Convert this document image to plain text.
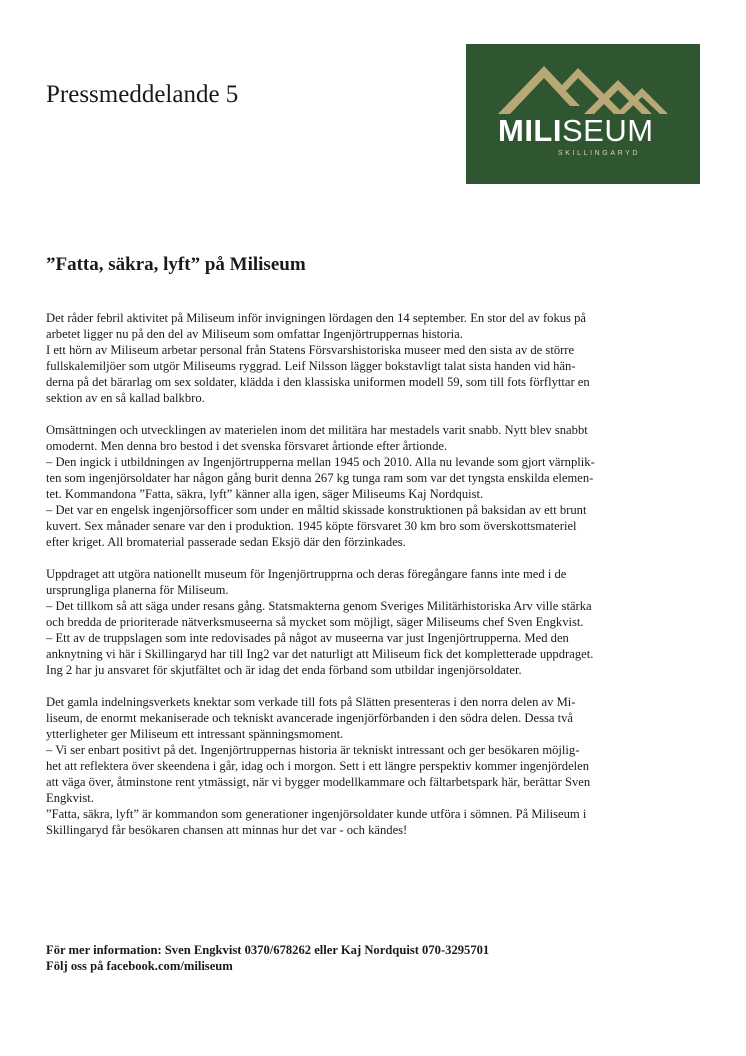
Pressmeddelande 5
MILISEUM
SKILLINGARYD
”Fatta, säkra, lyft” på Miliseum

Det råder febril aktivitet på Miliseum inför invigningen lördagen den 14 september. En stor del av fokus på
arbetet ligger nu på den del av Miliseum som omfattar Ingenjörtruppernas historia.
I ett hörn av Miliseum arbetar personal från Statens Försvarshistoriska museer med den sista av de större
fullskalemiljöer som utgör Miliseums ryggrad. Leif Nilsson lägger bokstavligt talat sista handen vid hän-
derna på det bärarlag om sex soldater, klädda i den klassiska uniformen modell 59, som till fots förflyttar en
sektion av en så kallad balkbro.

Omsättningen och utvecklingen av materielen inom det militära har mestadels varit snabb. Nytt blev snabbt
omodernt. Men denna bro bestod i det svenska försvaret årtionde efter årtionde.
– Den ingick i utbildningen av Ingenjörtrupperna mellan 1945 och 2010. Alla nu levande som gjort värnplik-
ten som ingenjörsoldater har någon gång burit denna 267 kg tunga ram som var det tyngsta enskilda elemen-
tet. Kommandona ”Fatta, säkra, lyft” känner alla igen, säger Miliseums Kaj Nordquist.
– Det var en engelsk ingenjörsofficer som under en måltid skissade konstruktionen på baksidan av ett brunt
kuvert. Sex månader senare var den i produktion. 1945 köpte försvaret 30 km bro som överskottsmateriel
efter kriget. All bromaterial passerade sedan Eksjö där den förzinkades.

Uppdraget att utgöra nationellt museum för Ingenjörtrupprna och deras föregångare fanns inte med i de
ursprungliga planerna för Miliseum.
– Det tillkom så att säga under resans gång. Statsmakterna genom Sveriges Militärhistoriska Arv ville stärka
och bredda de prioriterade nätverksmuseerna så mycket som möjligt, säger Miliseums chef Sven Engkvist.
– Ett av de truppslagen som inte redovisades på något av museerna var just Ingenjörtrupperna. Med den
anknytning vi här i Skillingaryd har till Ing2 var det naturligt att Miliseum fick det kompletterade uppdraget.
Ing 2 har ju ansvaret för skjutfältet och är idag det enda förband som utbildar ingenjörsoldater.

Det gamla indelningsverkets knektar som verkade till fots på Slätten presenteras i den norra delen av Mi-
liseum, de enormt mekaniserade och tekniskt avancerade ingenjörförbanden i den södra delen. Dessa två
ytterligheter ger Miliseum ett intressant spänningsmoment.
– Vi ser enbart positivt på det. Ingenjörtruppernas historia är tekniskt intressant och ger besökaren möjlig-
het att reflektera över skeendena i går, idag och i morgon. Sett i ett längre perspektiv kommer ingenjördelen
att väga över, åtminstone rent ytmässigt, när vi bygger modellkammare och fältarbetspark här, berättar Sven
Engkvist.
”Fatta, säkra, lyft” är kommandon som generationer ingenjörsoldater kunde utföra i sömnen. På Miliseum i
Skillingaryd får besökaren chansen att minnas hur det var - och kändes!

För mer information: Sven Engkvist 0370/678262 eller Kaj Nordquist 070-3295701
Följ oss på facebook.com/miliseum
